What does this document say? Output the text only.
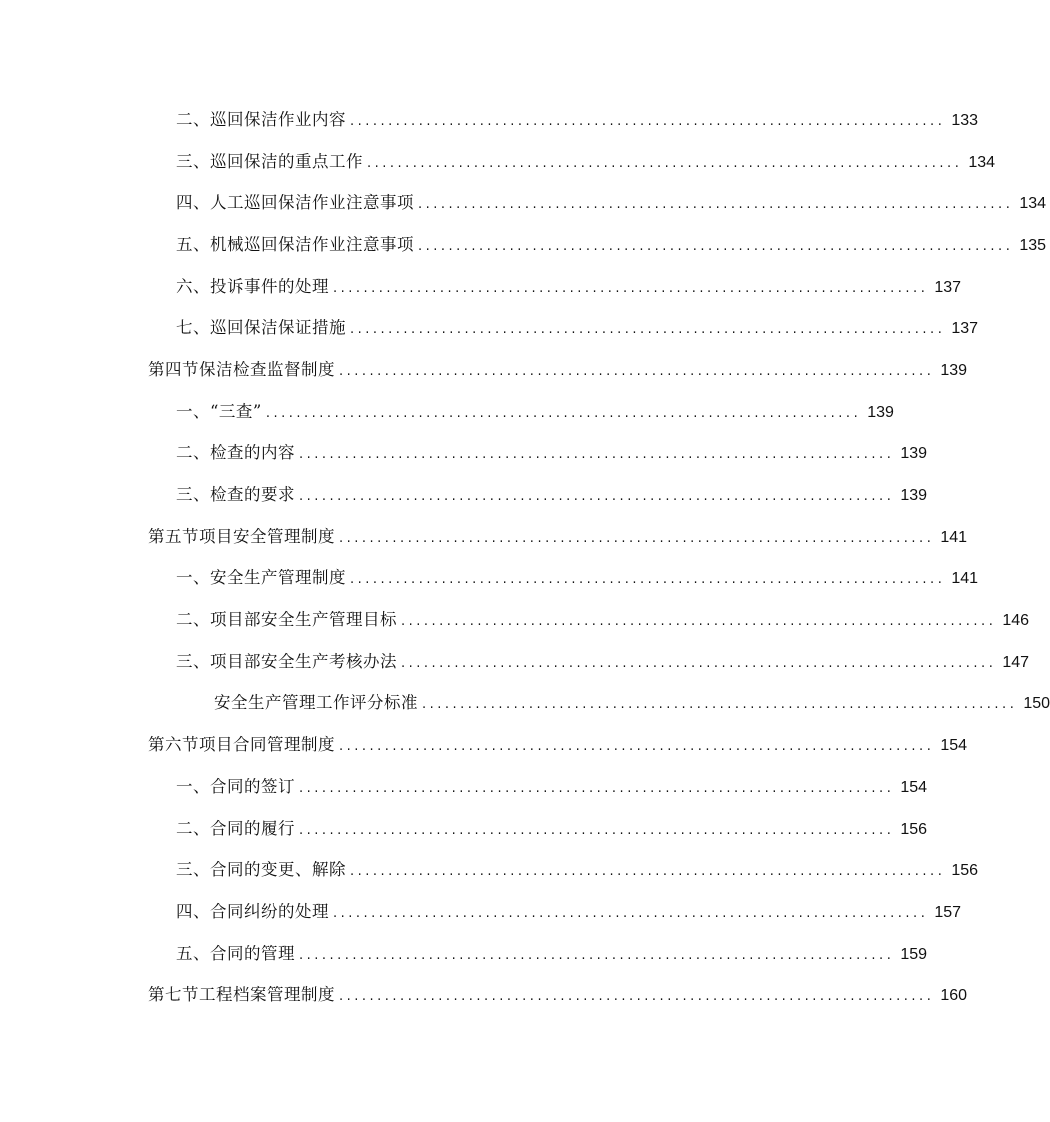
二、巡回保洁作业内容 .............................................................................. 133
三、巡回保洁的重点工作 .............................................................................. 134
四、人工巡回保洁作业注意事项 .............................................................................. 134
五、机械巡回保洁作业注意事项 .............................................................................. 135
六、投诉事件的处理 .............................................................................. 137
七、巡回保洁保证措施 .............................................................................. 137
第四节 保洁检查监督制度 .............................................................................. 139
一、“三查” .............................................................................. 139
二、检查的内容 .............................................................................. 139
三、检查的要求 .............................................................................. 139
第五节 项目安全管理制度 .............................................................................. 141
一、安全生产管理制度 .............................................................................. 141
二、项目部安全生产管理目标 .............................................................................. 146
三、项目部安全生产考核办法 .............................................................................. 147
安全生产管理工作评分标准 .............................................................................. 150
第六节 项目合同管理制度 .............................................................................. 154
一、合同的签订 .............................................................................. 154
二、合同的履行 .............................................................................. 156
三、合同的变更、解除 .............................................................................. 156
四、合同纠纷的处理 .............................................................................. 157
五、合同的管理 .............................................................................. 159
第七节 工程档案管理制度 .............................................................................. 160
